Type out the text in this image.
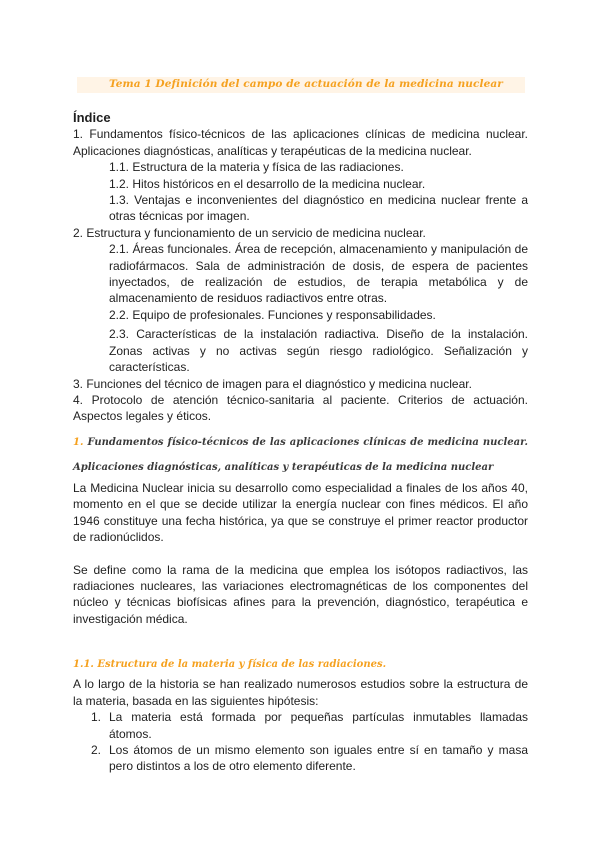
Tema 1 Definición del campo de actuación de la medicina nuclear
Índice
1. Fundamentos físico-técnicos de las aplicaciones clínicas de medicina nuclear. Aplicaciones diagnósticas, analíticas y terapéuticas de la medicina nuclear.
1.1. Estructura de la materia y física de las radiaciones.
1.2. Hitos históricos en el desarrollo de la medicina nuclear.
1.3. Ventajas e inconvenientes del diagnóstico en medicina nuclear frente a otras técnicas por imagen.
2. Estructura y funcionamiento de un servicio de medicina nuclear.
2.1. Áreas funcionales. Área de recepción, almacenamiento y manipulación de radiofármacos. Sala de administración de dosis, de espera de pacientes inyectados, de realización de estudios, de terapia metabólica y de almacenamiento de residuos radiactivos entre otras.
2.2. Equipo de profesionales. Funciones y responsabilidades.
2.3. Características de la instalación radiactiva. Diseño de la instalación. Zonas activas y no activas según riesgo radiológico. Señalización y características.
3. Funciones del técnico de imagen para el diagnóstico y medicina nuclear.
4. Protocolo de atención técnico-sanitaria al paciente. Criterios de actuación. Aspectos legales y éticos.
1. Fundamentos físico-técnicos de las aplicaciones clínicas de medicina nuclear. Aplicaciones diagnósticas, analíticas y terapéuticas de la medicina nuclear
La Medicina Nuclear inicia su desarrollo como especialidad a finales de los años 40, momento en el que se decide utilizar la energía nuclear con fines médicos. El año 1946 constituye una fecha histórica, ya que se construye el primer reactor productor de radionúclidos.
Se define como la rama de la medicina que emplea los isótopos radiactivos, las radiaciones nucleares, las variaciones electromagnéticas de los componentes del núcleo y técnicas biofísicas afines para la prevención, diagnóstico, terapéutica e investigación médica.
1.1. Estructura de la materia y física de las radiaciones.
A lo largo de la historia se han realizado numerosos estudios sobre la estructura de la materia, basada en las siguientes hipótesis:
1. La materia está formada por pequeñas partículas inmutables llamadas átomos.
2. Los átomos de un mismo elemento son iguales entre sí en tamaño y masa pero distintos a los de otro elemento diferente.
